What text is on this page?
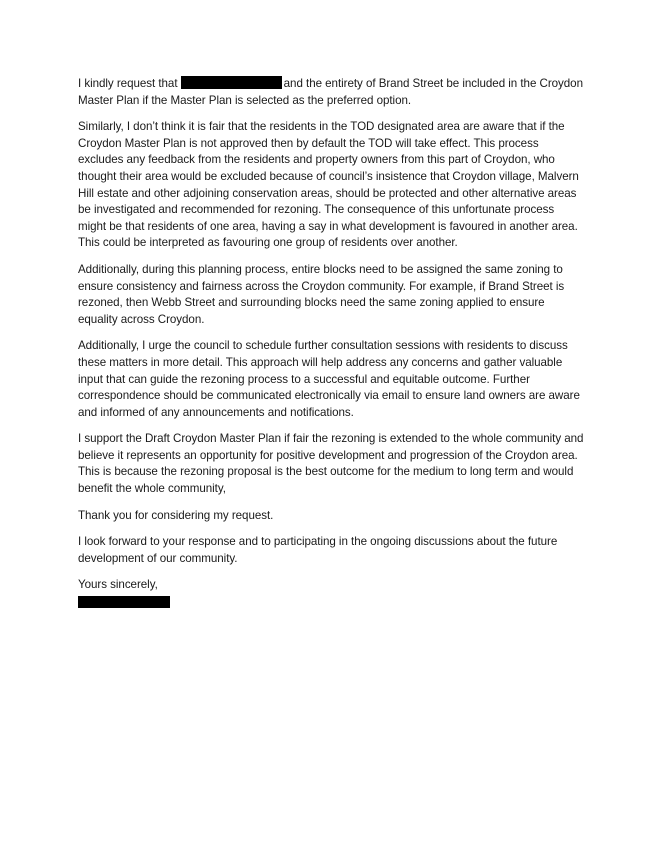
I kindly request that	and the entirety of Brand Street be included in the Croydon Master Plan if the Master Plan is selected as the preferred option.

Similarly, I don’t think it is fair that the residents in the TOD designated area are aware that if the Croydon Master Plan is not approved then by default the TOD will take effect. This process excludes any feedback from the residents and property owners from this part of Croydon, who thought their area would be excluded because of council’s insistence that Croydon village, Malvern Hill estate and other adjoining conservation areas, should be protected and other alternative areas be investigated and recommended for rezoning. The consequence of this unfortunate process might be that residents of one area, having a say in what development is favoured in another area. This could be interpreted as favouring one group of residents over another.

Additionally, during this planning process, entire blocks need to be assigned the same zoning to ensure consistency and fairness across the Croydon community. For example, if Brand Street is rezoned, then Webb Street and surrounding blocks need the same zoning applied to ensure equality across Croydon.

Additionally, I urge the council to schedule further consultation sessions with residents to discuss these matters in more detail. This approach will help address any concerns and gather valuable input that can guide the rezoning process to a successful and equitable outcome. Further correspondence should be communicated electronically via email to ensure land owners are aware and informed of any announcements and notifications.

I support the Draft Croydon Master Plan if fair the rezoning is extended to the whole community and believe it represents an opportunity for positive development and progression of the Croydon area. This is because the rezoning proposal is the best outcome for the medium to long term and would benefit the whole community,

Thank you for considering my request.

I look forward to your response and to participating in the ongoing discussions about the future development of our community.

Yours sincerely,
